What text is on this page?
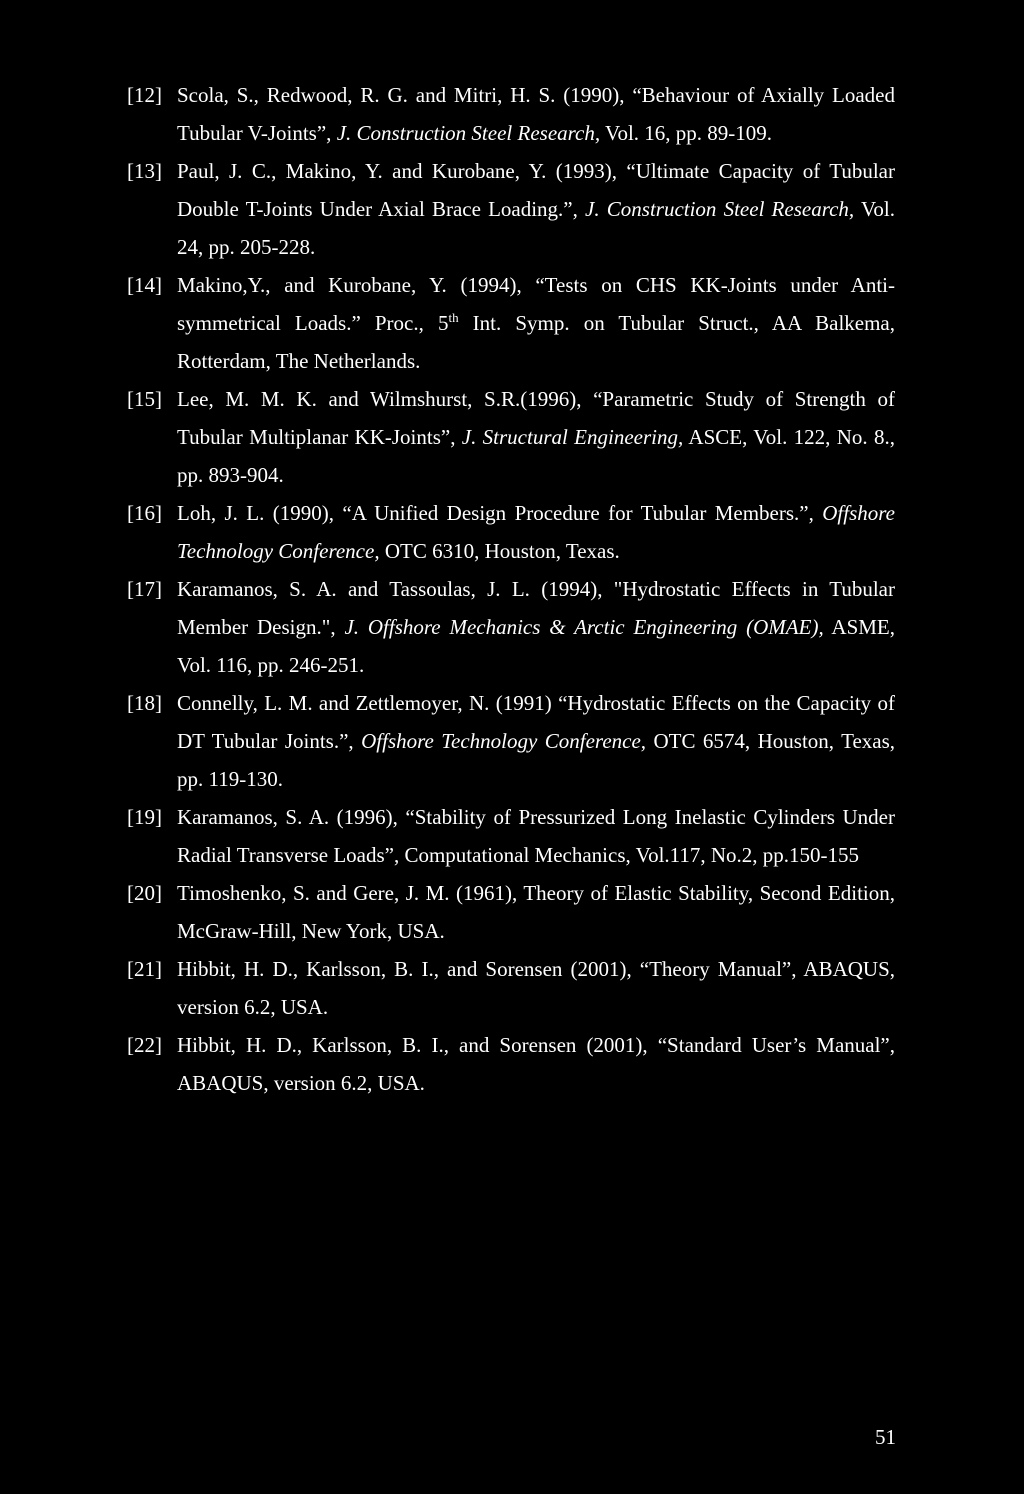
[12] Scola, S., Redwood, R. G. and Mitri, H. S. (1990), “Behaviour of Axially Loaded Tubular V-Joints”, J. Construction Steel Research, Vol. 16, pp. 89-109.
[13] Paul, J. C., Makino, Y. and Kurobane, Y. (1993), “Ultimate Capacity of Tubular Double T-Joints Under Axial Brace Loading.”, J. Construction Steel Research, Vol. 24, pp. 205-228.
[14] Makino,Y., and Kurobane, Y. (1994), “Tests on CHS KK-Joints under Anti-symmetrical Loads.” Proc., 5th Int. Symp. on Tubular Struct., AA Balkema, Rotterdam, The Netherlands.
[15] Lee, M. M. K. and Wilmshurst, S.R.(1996), “Parametric Study of Strength of Tubular Multiplanar KK-Joints”, J. Structural Engineering, ASCE, Vol. 122, No. 8., pp. 893-904.
[16] Loh, J. L. (1990), “A Unified Design Procedure for Tubular Members.”, Offshore Technology Conference, OTC 6310, Houston, Texas.
[17] Karamanos, S. A. and Tassoulas, J. L. (1994), "Hydrostatic Effects in Tubular Member Design.", J. Offshore Mechanics & Arctic Engineering (OMAE), ASME, Vol. 116, pp. 246-251.
[18] Connelly, L. M. and Zettlemoyer, N. (1991) “Hydrostatic Effects on the Capacity of DT Tubular Joints.”, Offshore Technology Conference, OTC 6574, Houston, Texas, pp. 119-130.
[19] Karamanos, S. A. (1996), “Stability of Pressurized Long Inelastic Cylinders Under Radial Transverse Loads”, Computational Mechanics, Vol.117, No.2, pp.150-155
[20] Timoshenko, S. and Gere, J. M. (1961), Theory of Elastic Stability, Second Edition, McGraw-Hill, New York, USA.
[21] Hibbit, H. D., Karlsson, B. I., and Sorensen (2001), “Theory Manual”, ABAQUS, version 6.2, USA.
[22] Hibbit, H. D., Karlsson, B. I., and Sorensen (2001), “Standard User’s Manual”, ABAQUS, version 6.2, USA.
51
